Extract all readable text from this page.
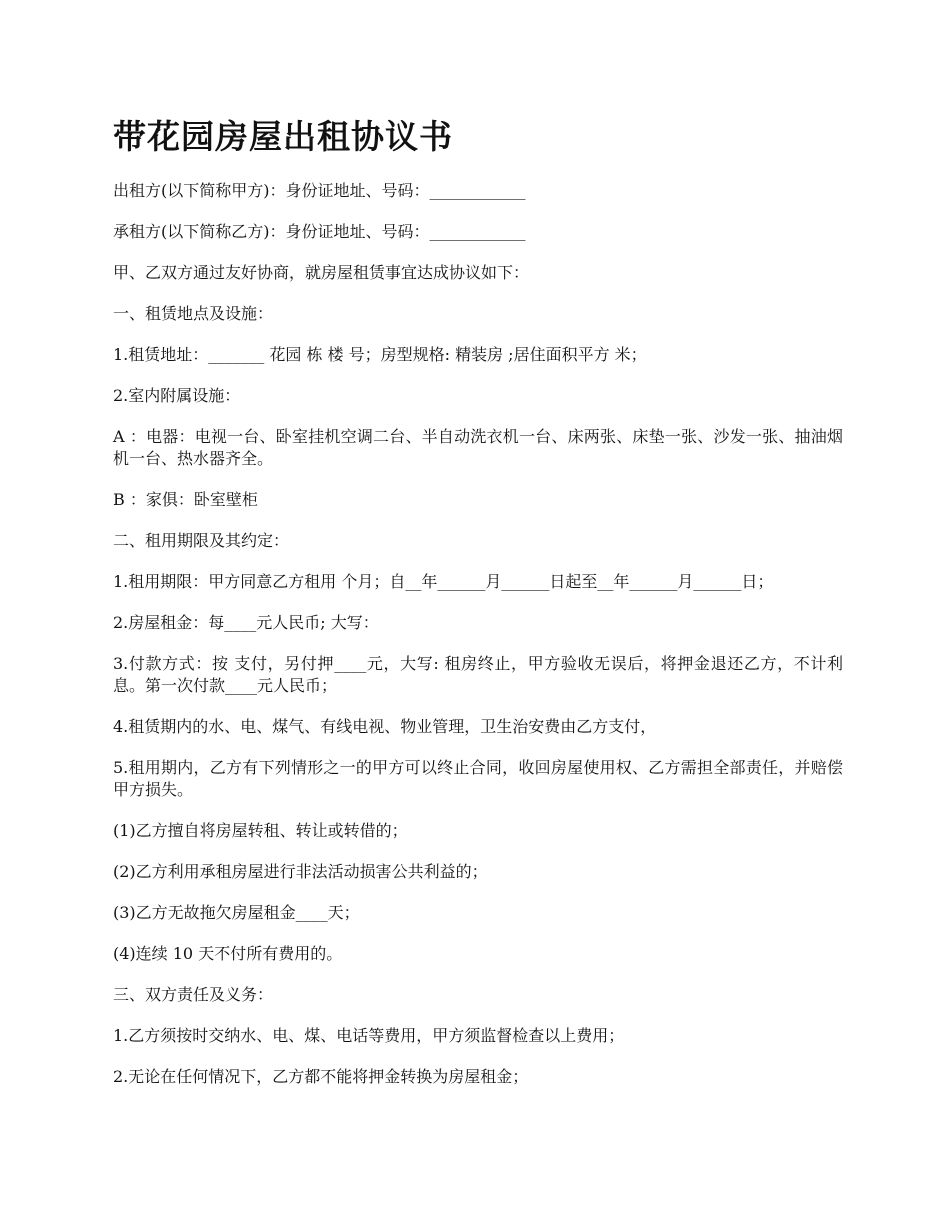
带花园房屋出租协议书

出租方(以下简称甲方)：身份证地址、号码：____________

承租方(以下简称乙方)：身份证地址、号码：____________

甲、乙双方通过友好协商，就房屋租赁事宜达成协议如下：

一、租赁地点及设施：

1.租赁地址：_______ 花园 栋 楼 号；房型规格: 精装房 ;居住面积平方 米；

2.室内附属设施：

A ：电器：电视一台、卧室挂机空调二台、半自动洗衣机一台、床两张、床垫一张、沙发一张、抽油烟机一台、热水器齐全。

B ：家俱：卧室壁柜

二、租用期限及其约定：

1.租用期限：甲方同意乙方租用 个月；自__年______月______日起至__年______月______日；

2.房屋租金：每____元人民币; 大写：

3.付款方式：按 支付，另付押____元，大写: 租房终止，甲方验收无误后，将押金退还乙方，不计利息。第一次付款____元人民币；

4.租赁期内的水、电、煤气、有线电视、物业管理，卫生治安费由乙方支付，

5.租用期内，乙方有下列情形之一的甲方可以终止合同，收回房屋使用权、乙方需担全部责任，并赔偿甲方损失。

(1)乙方擅自将房屋转租、转让或转借的；

(2)乙方利用承租房屋进行非法活动损害公共利益的；

(3)乙方无故拖欠房屋租金____天；

(4)连续 10 天不付所有费用的。

三、双方责任及义务：

1.乙方须按时交纳水、电、煤、电话等费用，甲方须监督检查以上费用；

2.无论在任何情况下，乙方都不能将押金转换为房屋租金；
